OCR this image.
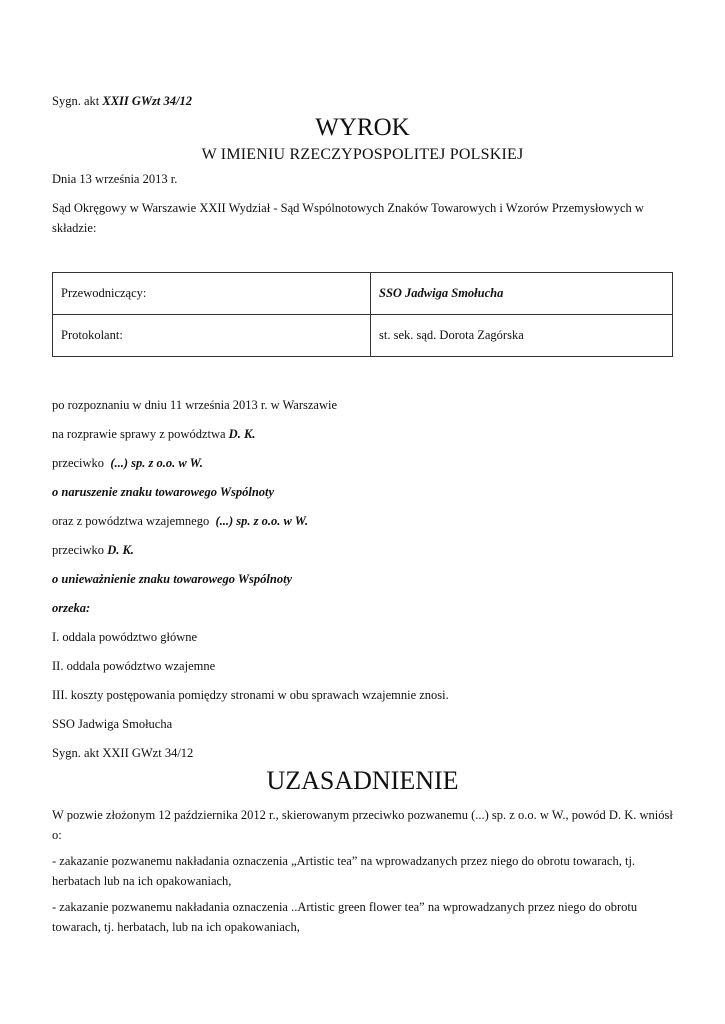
Sygn. akt XXII GWzt 34/12
WYROK
W IMIENIU RZECZYPOSPOLITEJ POLSKIEJ
Dnia 13 września 2013 r.
Sąd Okręgowy w Warszawie XXII Wydział - Sąd Wspólnotowych Znaków Towarowych i Wzorów Przemysłowych w składzie:
Przewodniczący:	SSO Jadwiga Smołucha
Protokolant:	st. sek. sąd. Dorota Zagórska
po rozpoznaniu w dniu 11 września 2013 r. w Warszawie
na rozprawie sprawy z powództwa D. K.
przeciwko (...) sp. z o.o. w W.
o naruszenie znaku towarowego Wspólnoty
oraz z powództwa wzajemnego (...) sp. z o.o. w W.
przeciwko D. K.
o unieważnienie znaku towarowego Wspólnoty
orzeka:
I. oddala powództwo główne
II. oddala powództwo wzajemne
III. koszty postępowania pomiędzy stronami w obu sprawach wzajemnie znosi.
SSO Jadwiga Smołucha
Sygn. akt XXII GWzt 34/12
UZASADNIENIE
W pozwie złożonym 12 października 2012 r., skierowanym przeciwko pozwanemu (...) sp. z o.o. w W., powód D. K. wniósł o:
- zakazanie pozwanemu nakładania oznaczenia „Artistic tea” na wprowadzanych przez niego do obrotu towarach, tj. herbatach lub na ich opakowaniach,
- zakazanie pozwanemu nakładania oznaczenia ..Artistic green flower tea” na wprowadzanych przez niego do obrotu towarach, tj. herbatach, lub na ich opakowaniach,
